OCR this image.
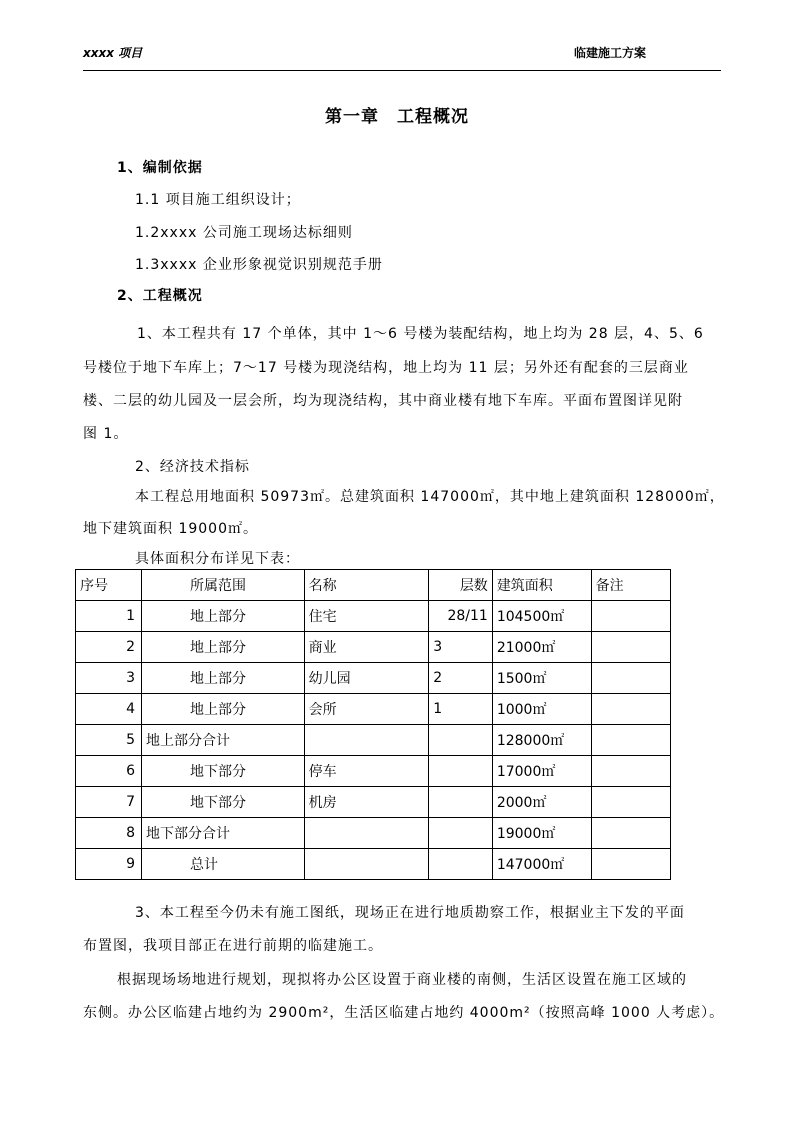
xxxx 项目	临建施工方案
第一章　工程概况
1、编制依据
1.1 项目施工组织设计；
1.2xxxx 公司施工现场达标细则
1.3xxxx 企业形象视觉识别规范手册
2、工程概况
1、本工程共有 17 个单体，其中 1～6 号楼为装配结构，地上均为 28 层，4、5、6
号楼位于地下车库上；7～17 号楼为现浇结构，地上均为 11 层；另外还有配套的三层商业
楼、二层的幼儿园及一层会所，均为现浇结构，其中商业楼有地下车库。平面布置图详见附
图 1。
2、经济技术指标
本工程总用地面积 50973㎡。总建筑面积 147000㎡，其中地上建筑面积 128000㎡，
地下建筑面积 19000㎡。
具体面积分布详见下表：
序号	所属范围	名称	层数	建筑面积	备注
1	地上部分	住宅	28/11	104500㎡	
2	地上部分	商业	3	21000㎡	
3	地上部分	幼儿园	2	1500㎡	
4	地上部分	会所	1	1000㎡	
5	地上部分合计			128000㎡	
6	地下部分	停车		17000㎡	
7	地下部分	机房		2000㎡	
8	地下部分合计			19000㎡	
9	总计			147000㎡	
3、本工程至今仍未有施工图纸，现场正在进行地质勘察工作，根据业主下发的平面
布置图，我项目部正在进行前期的临建施工。
根据现场场地进行规划，现拟将办公区设置于商业楼的南侧，生活区设置在施工区域的
东侧。办公区临建占地约为 2900m²，生活区临建占地约 4000m²（按照高峰 1000 人考虑）。
